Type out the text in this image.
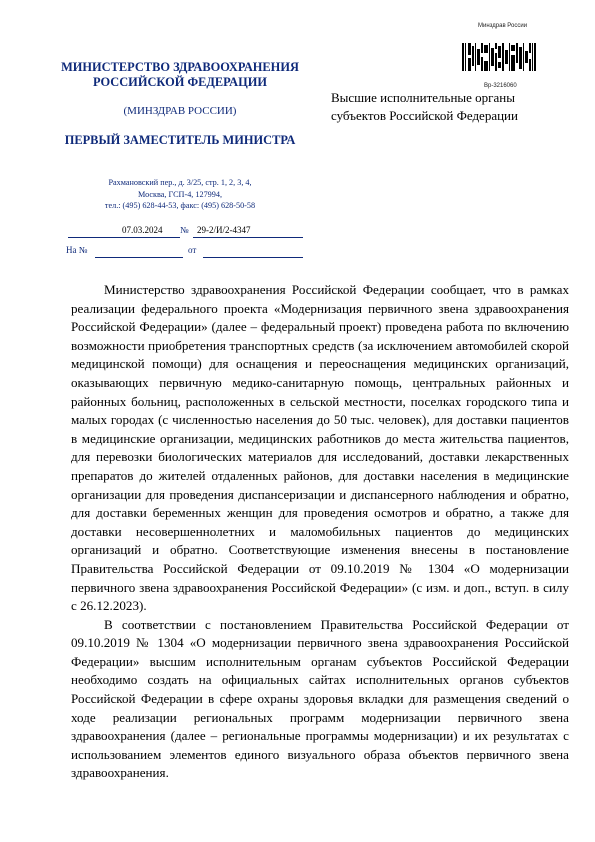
Минздрав России
Вр-3216060
МИНИСТЕРСТВО ЗДРАВООХРАНЕНИЯ РОССИЙСКОЙ ФЕДЕРАЦИИ
(МИНЗДРАВ РОССИИ)
ПЕРВЫЙ ЗАМЕСТИТЕЛЬ МИНИСТРА
Рахмановский пер., д. 3/25, стр. 1, 2, 3, 4,
Москва, ГСП-4, 127994,
тел.: (495) 628-44-53, факс: (495) 628-50-58
07.03.2024 № 29-2/И/2-4347
На №	от
Высшие исполнительные органы
субъектов Российской Федерации

Министерство здравоохранения Российской Федерации сообщает, что в рамках реализации федерального проекта «Модернизация первичного звена здравоохранения Российской Федерации» (далее – федеральный проект) проведена работа по включению возможности приобретения транспортных средств (за исключением автомобилей скорой медицинской помощи) для оснащения и переоснащения медицинских организаций, оказывающих первичную медико-санитарную помощь, центральных районных и районных больниц, расположенных в сельской местности, поселках городского типа и малых городах (с численностью населения до 50 тыс. человек), для доставки пациентов в медицинские организации, медицинских работников до места жительства пациентов, для перевозки биологических материалов для исследований, доставки лекарственных препаратов до жителей отдаленных районов, для доставки населения в медицинские организации для проведения диспансеризации и диспансерного наблюдения и обратно, для доставки беременных женщин для проведения осмотров и обратно, а также для доставки несовершеннолетних и маломобильных пациентов до медицинских организаций и обратно. Соответствующие изменения внесены в постановление Правительства Российской Федерации от 09.10.2019 № 1304 «О модернизации первичного звена здравоохранения Российской Федерации» (с изм. и доп., вступ. в силу с 26.12.2023).

В соответствии с постановлением Правительства Российской Федерации от 09.10.2019 № 1304 «О модернизации первичного звена здравоохранения Российской Федерации» высшим исполнительным органам субъектов Российской Федерации необходимо создать на официальных сайтах исполнительных органов субъектов Российской Федерации в сфере охраны здоровья вкладки для размещения сведений о ходе реализации региональных программ модернизации первичного звена здравоохранения (далее – региональные программы модернизации) и их результатах с использованием элементов единого визуального образа объектов первичного звена здравоохранения.
